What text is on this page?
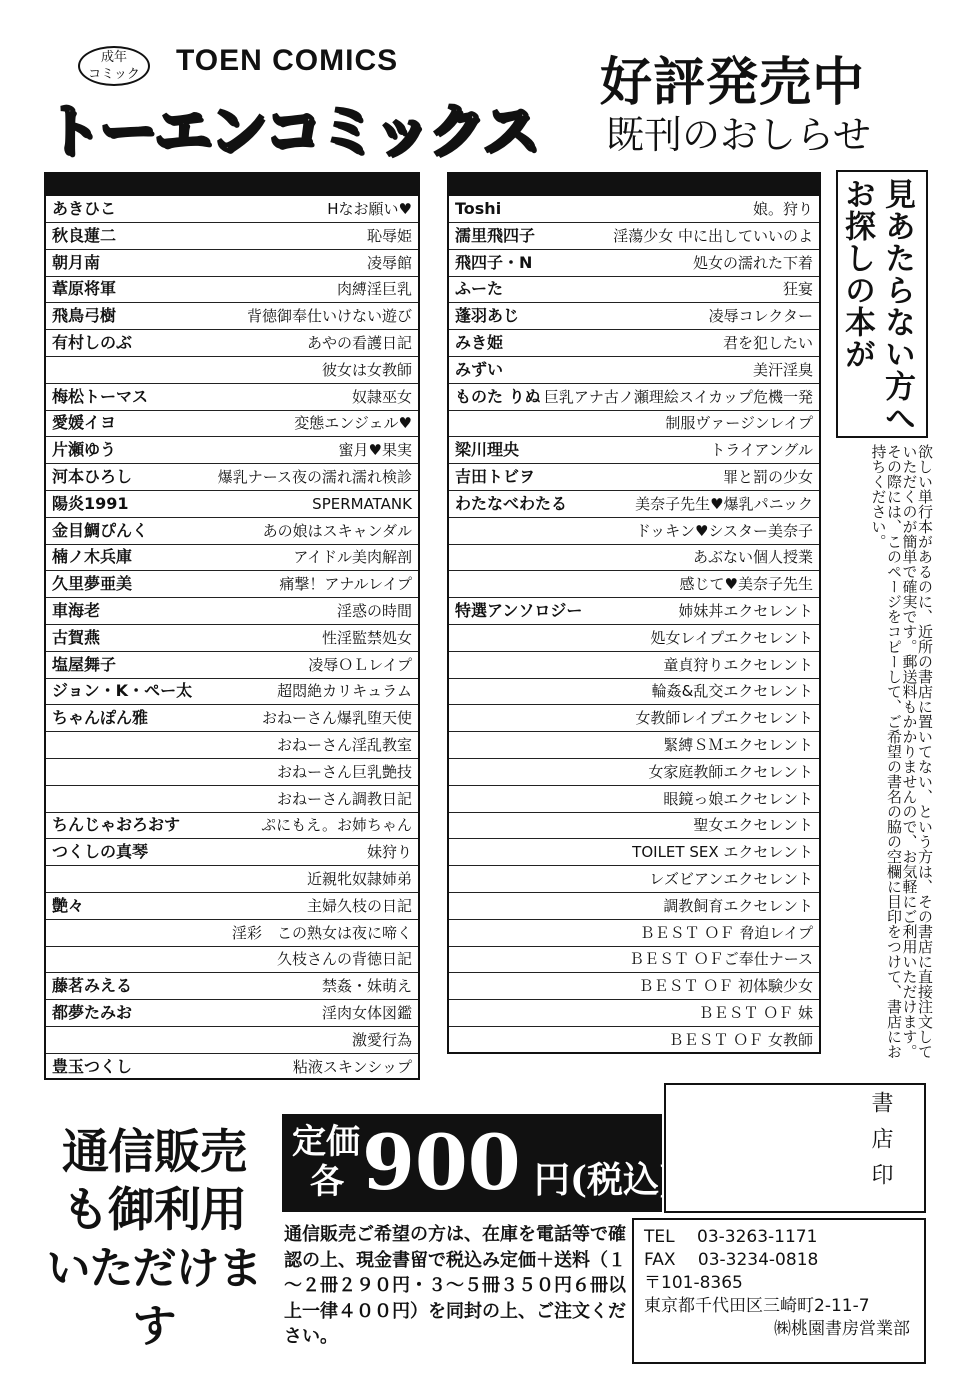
成年
コミック TOEN COMICS
トーエンコミックス
好評発売中
既刊のおしらせ
あきひこ	Hなお願い♥
秋良蓮二	恥辱姫
朝月南	凌辱館
葦原将軍	肉縛淫巨乳
飛鳥弓樹	背徳御奉仕いけない遊び
有村しのぶ	あやの看護日記
彼女は女教師
梅松トーマス	奴隷巫女
愛媛イヨ	変態エンジェル♥
片瀬ゆう	蜜月♥果実
河本ひろし	爆乳ナース夜の濡れ濡れ検診
陽炎1991	SPERMATANK
金目鯛ぴんく	あの娘はスキャンダル
楠ノ木兵庫	アイドル美肉解剖
久里夢亜美	痛撃！アナルレイプ
車海老	淫惑の時間
古賀燕	性淫監禁処女
塩屋舞子	凌辱ＯＬレイプ
ジョン・K・ペー太	超悶絶カリキュラム
ちゃんぽん雅	おねーさん爆乳堕天使
おねーさん淫乱教室
おねーさん巨乳艶技
おねーさん調教日記
ちんじゃおろおす	ぷにもえ。お姉ちゃん
つくしの真琴	妹狩り
近親牝奴隷姉弟
艶々	主婦久枝の日記
淫彩　この熟女は夜に啼く
久枝さんの背徳日記
藤茗みえる	禁姦・妹萌え
都夢たみお	淫肉女体図鑑
激愛行為
豊玉つくし	粘液スキンシップ
Toshi	娘。狩り
濡里飛四子	淫蕩少女 中に出していいのよ
飛四子・N	処女の濡れた下着
ふーた	狂宴
蓬羽あじ	凌辱コレクター
みき姫	君を犯したい
みずい	美汗淫臭
ものた りぬ 巨乳アナ古ノ瀬理絵スイカップ危機一発
制服ヴァージンレイプ
梁川理央	トライアングル
吉田トビヲ	罪と罰の少女
わたなべわたる	美奈子先生♥爆乳パニック
ドッキン♥シスター美奈子
あぶない個人授業
感じて♥美奈子先生
特選アンソロジー	姉妹丼エクセレント
処女レイプエクセレント
童貞狩りエクセレント
輪姦&乱交エクセレント
女教師レイプエクセレント
緊縛ＳＭエクセレント
女家庭教師エクセレント
眼鏡っ娘エクセレント
聖女エクセレント
TOILET SEX エクセレント
レズビアンエクセレント
調教飼育エクセレント
ＢＥＳＴ ＯＦ 脅迫レイプ
ＢＥＳＴ ＯＦご奉仕ナース
ＢＥＳＴ ＯＦ 初体験少女
ＢＥＳＴ ＯＦ 妹
ＢＥＳＴ ＯＦ 女教師
お探しの本が 見あたらない方へ
欲しい単行本があるのに、近所の書店に置いてない、という方は、その書店に直接注文していただくのが簡単で確実です。郵送料もかかりませんので、お気軽にご利用いただけます。その際には、このページをコピーして、ご希望の書名の脇の空欄に目印をつけて、書店にお持ちください。
通信販売
も御利用
いただけます
定価
各 900 円(税込)
通信販売ご希望の方は、在庫を電話等で確認の上、現金書留で税込み定価＋送料（１～２冊２９０円・３～５冊３５０円６冊以上一律４００円）を同封の上、ご注文ください。
書店印
TEL　 03-3263-1171
FAX　 03-3234-0818
〒101-8365
東京都千代田区三崎町2-11-7
㈱桃園書房営業部
